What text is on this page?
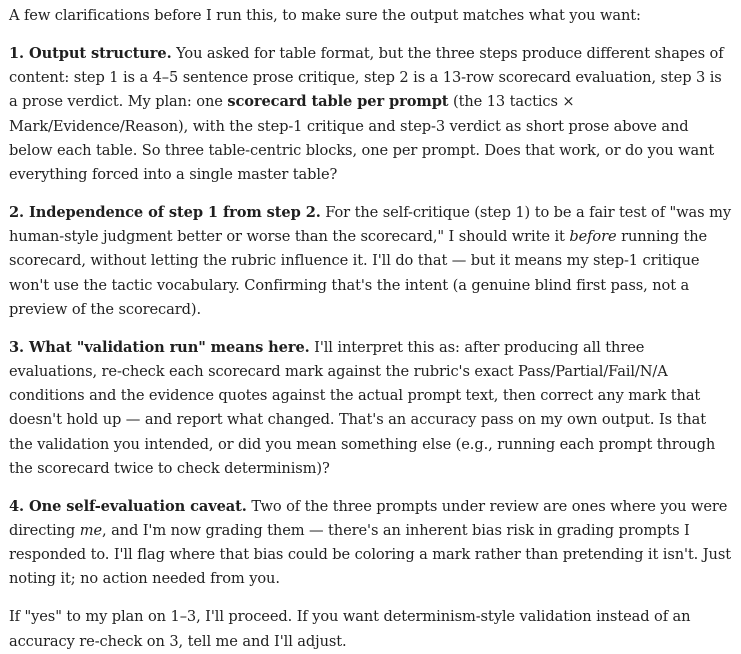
A few clarifications before I run this, to make sure the output matches what you want:

1. Output structure. You asked for table format, but the three steps produce different shapes of content: step 1 is a 4–5 sentence prose critique, step 2 is a 13-row scorecard evaluation, step 3 is a prose verdict. My plan: one scorecard table per prompt (the 13 tactics × Mark/Evidence/Reason), with the step-1 critique and step-3 verdict as short prose above and below each table. So three table-centric blocks, one per prompt. Does that work, or do you want everything forced into a single master table?

2. Independence of step 1 from step 2. For the self-critique (step 1) to be a fair test of "was my human-style judgment better or worse than the scorecard," I should write it before running the scorecard, without letting the rubric influence it. I'll do that — but it means my step-1 critique won't use the tactic vocabulary. Confirming that's the intent (a genuine blind first pass, not a preview of the scorecard).

3. What "validation run" means here. I'll interpret this as: after producing all three evaluations, re-check each scorecard mark against the rubric's exact Pass/Partial/Fail/N/A conditions and the evidence quotes against the actual prompt text, then correct any mark that doesn't hold up — and report what changed. That's an accuracy pass on my own output. Is that the validation you intended, or did you mean something else (e.g., running each prompt through the scorecard twice to check determinism)?

4. One self-evaluation caveat. Two of the three prompts under review are ones where you were directing me, and I'm now grading them — there's an inherent bias risk in grading prompts I responded to. I'll flag where that bias could be coloring a mark rather than pretending it isn't. Just noting it; no action needed from you.

If "yes" to my plan on 1–3, I'll proceed. If you want determinism-style validation instead of an accuracy re-check on 3, tell me and I'll adjust.
